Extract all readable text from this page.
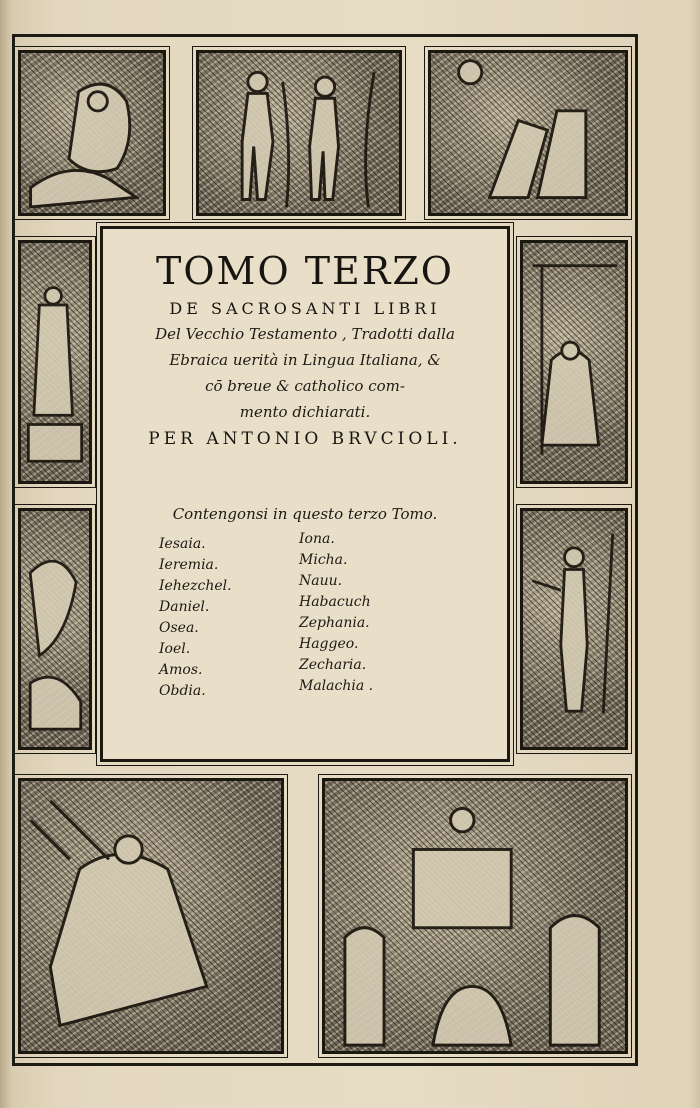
TOMO TERZO
DE SACROSANTI LIBRI
Del Vecchio Testamento , Tradotti dalla
Ebraica uerità in Lingua Italiana, &
cō breue & catholico com-
mento dichiarati.
PER ANTONIO BRVCIOLI.
Contengonsi in questo terzo Tomo.
Iesaia.
Ieremia.
Iehezchel.
Daniel.
Osea.
Ioel.
Amos.
Obdia.
Iona.
Micha.
Nauu.
Habacuch
Zephania.
Haggeo.
Zecharia.
Malachia .
